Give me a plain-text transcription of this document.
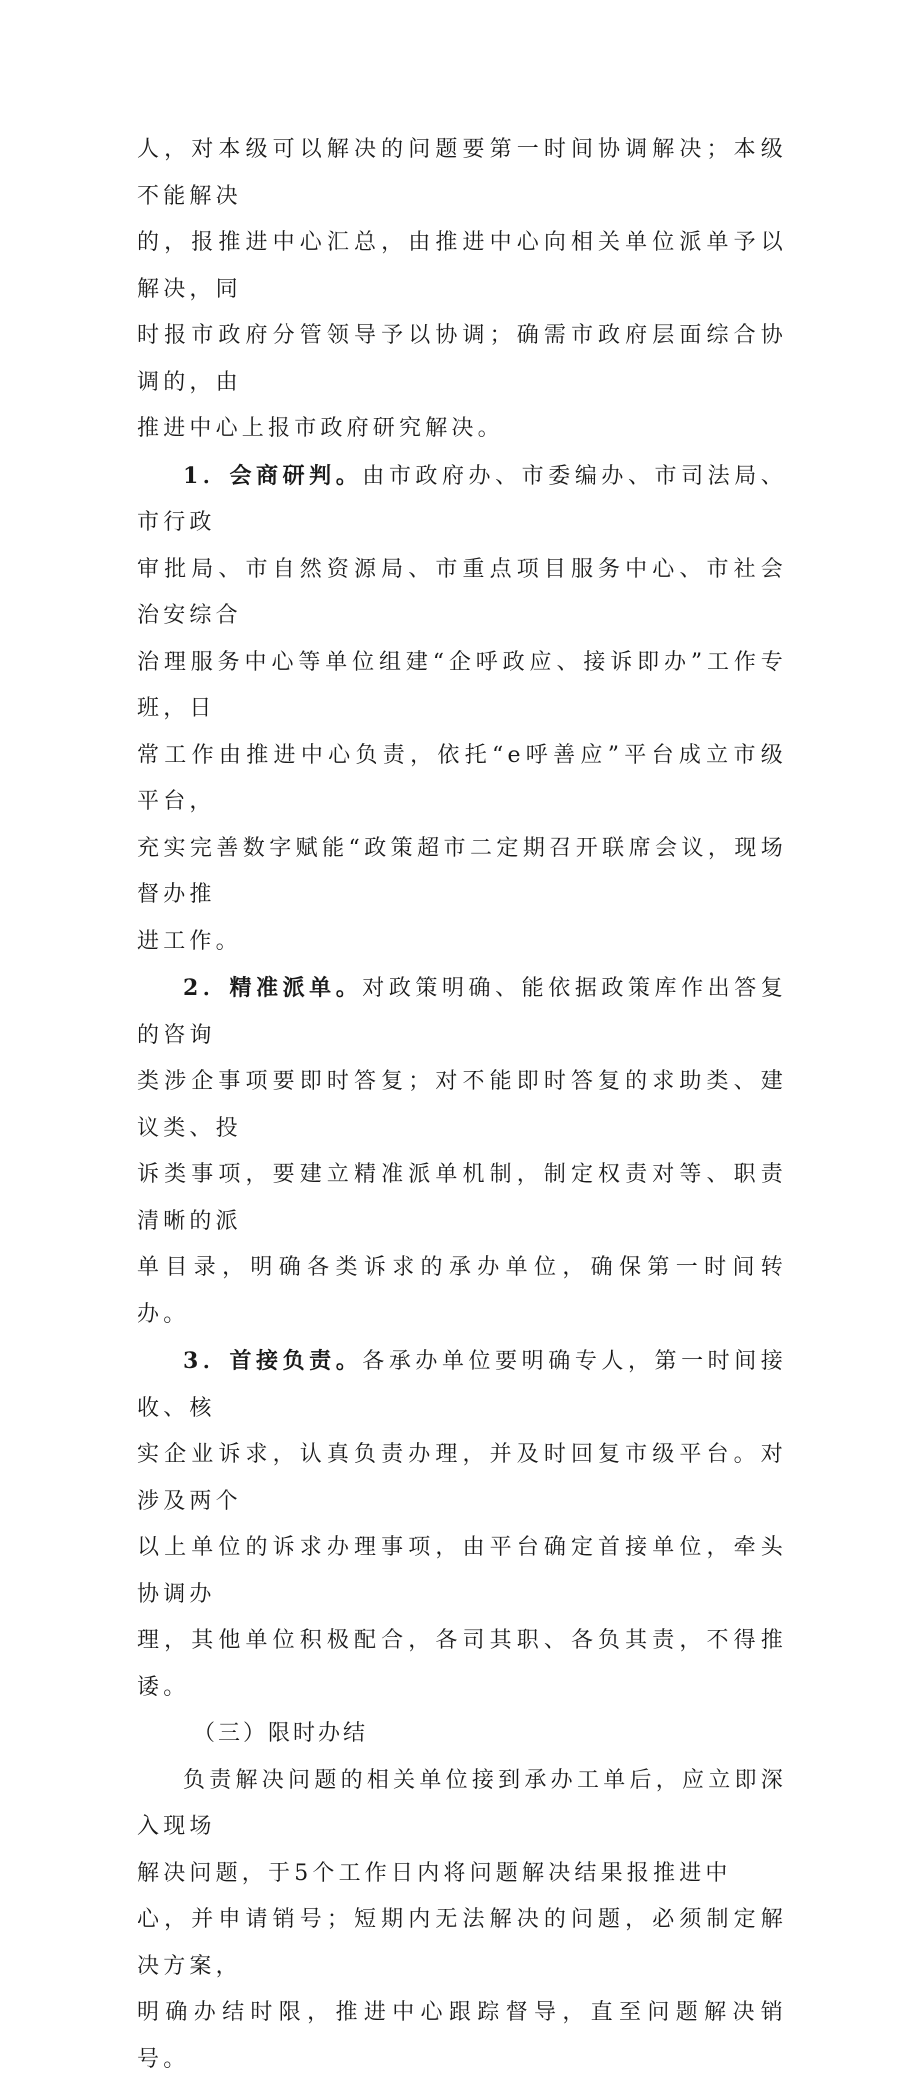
人，对本级可以解决的问题要第一时间协调解决；本级不能解决
的，报推进中心汇总，由推进中心向相关单位派单予以解决，同
时报市政府分管领导予以协调；确需市政府层面综合协调的，由
推进中心上报市政府研究解决。

1．会商研判。由市政府办、市委编办、市司法局、市行政
审批局、市自然资源局、市重点项目服务中心、市社会治安综合
治理服务中心等单位组建“企呼政应、接诉即办”工作专班，日
常工作由推进中心负责，依托“e呼善应”平台成立市级平台，
充实完善数字赋能“政策超市二定期召开联席会议，现场督办推
进工作。

2．精准派单。对政策明确、能依据政策库作出答复的咨询
类涉企事项要即时答复；对不能即时答复的求助类、建议类、投
诉类事项，要建立精准派单机制，制定权责对等、职责清晰的派
单目录，明确各类诉求的承办单位，确保第一时间转办。

3．首接负责。各承办单位要明确专人，第一时间接收、核
实企业诉求，认真负责办理，并及时回复市级平台。对涉及两个
以上单位的诉求办理事项，由平台确定首接单位，牵头协调办
理，其他单位积极配合，各司其职、各负其责，不得推诿。

（三）限时办结

负责解决问题的相关单位接到承办工单后，应立即深入现场
解决问题，于5个工作日内将问题解决结果报推进中
心，并申请销号；短期内无法解决的问题，必须制定解决方案，
明确办结时限，推进中心跟踪督导，直至问题解决销号。
